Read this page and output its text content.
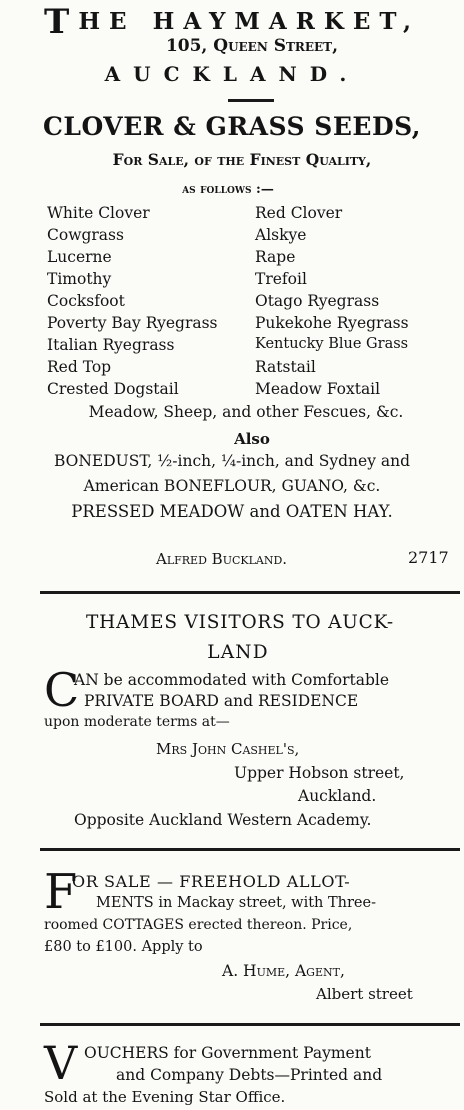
THE HAYMARKET,
105, Queen Street,
AUCKLAND.
CLOVER & GRASS SEEDS,
For Sale, of the Finest Quality,
as follows :—
White Clover
Cowgrass
Lucerne
Timothy
Cocksfoot
Poverty Bay Ryegrass
Italian Ryegrass
Red Top
Crested Dogstail
Red Clover
Alskye
Rape
Trefoil
Otago Ryegrass
Pukekohe Ryegrass
Kentucky Blue Grass
Ratstail
Meadow Foxtail
Meadow, Sheep, and other Fescues, &c.
Also
BONEDUST, ½-inch, ¼-inch, and Sydney and
American BONEFLOUR, GUANO, &c.
PRESSED MEADOW and OATEN HAY.
Alfred Buckland.	2717
THAMES VISITORS TO AUCK-
LAND
C
AN be accommodated with Comfortable
PRIVATE BOARD and RESIDENCE
upon moderate terms at—
Mrs John Cashel's,
Upper Hobson street,
Auckland.
Opposite Auckland Western Academy.
F
OR SALE — FREEHOLD ALLOT-
MENTS in Mackay street, with Three-
roomed COTTAGES erected thereon. Price,
£80 to £100. Apply to
A. Hume, Agent,
Albert street
V OUCHERS for Government Payment
and Company Debts—Printed and
Sold at the Evening Star Office.
